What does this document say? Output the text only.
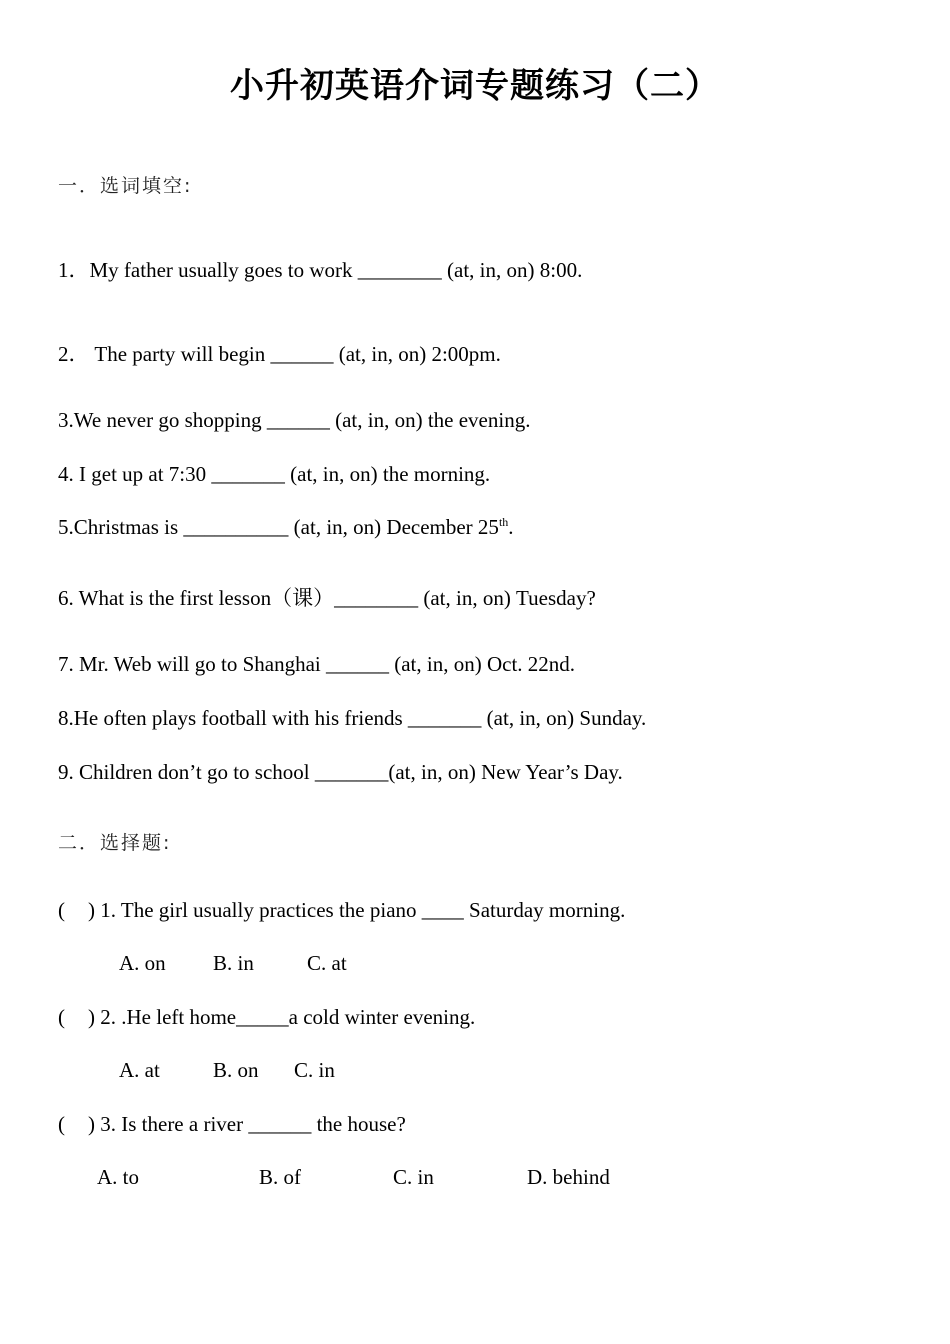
小升初英语介词专题练习（二）
一．选词填空:
1．My father usually goes to work ________ (at, in, on) 8:00.
2． The party will begin ______ (at, in, on) 2:00pm.
3.We never go shopping ______ (at, in, on) the evening.
4. I get up at 7:30 _______ (at, in, on) the morning.
5.Christmas is __________ (at, in, on) December 25th.
6. What is the first lesson（课）________ (at, in, on) Tuesday?
7. Mr. Web will go to Shanghai ______ (at, in, on) Oct. 22nd.
8.He often plays football with his friends _______ (at, in, on) Sunday.
9. Children don’t go to school _______(at, in, on) New Year’s Day.
二．选择题:
( ) 1. The girl usually practices the piano ____ Saturday morning.
A. on B. in	C. at
( ) 2. .He left home_____a cold winter evening.
A. at	B. on C. in
( ) 3. Is there a river ______ the house?
A. to	B. of	C. in	D. behind
